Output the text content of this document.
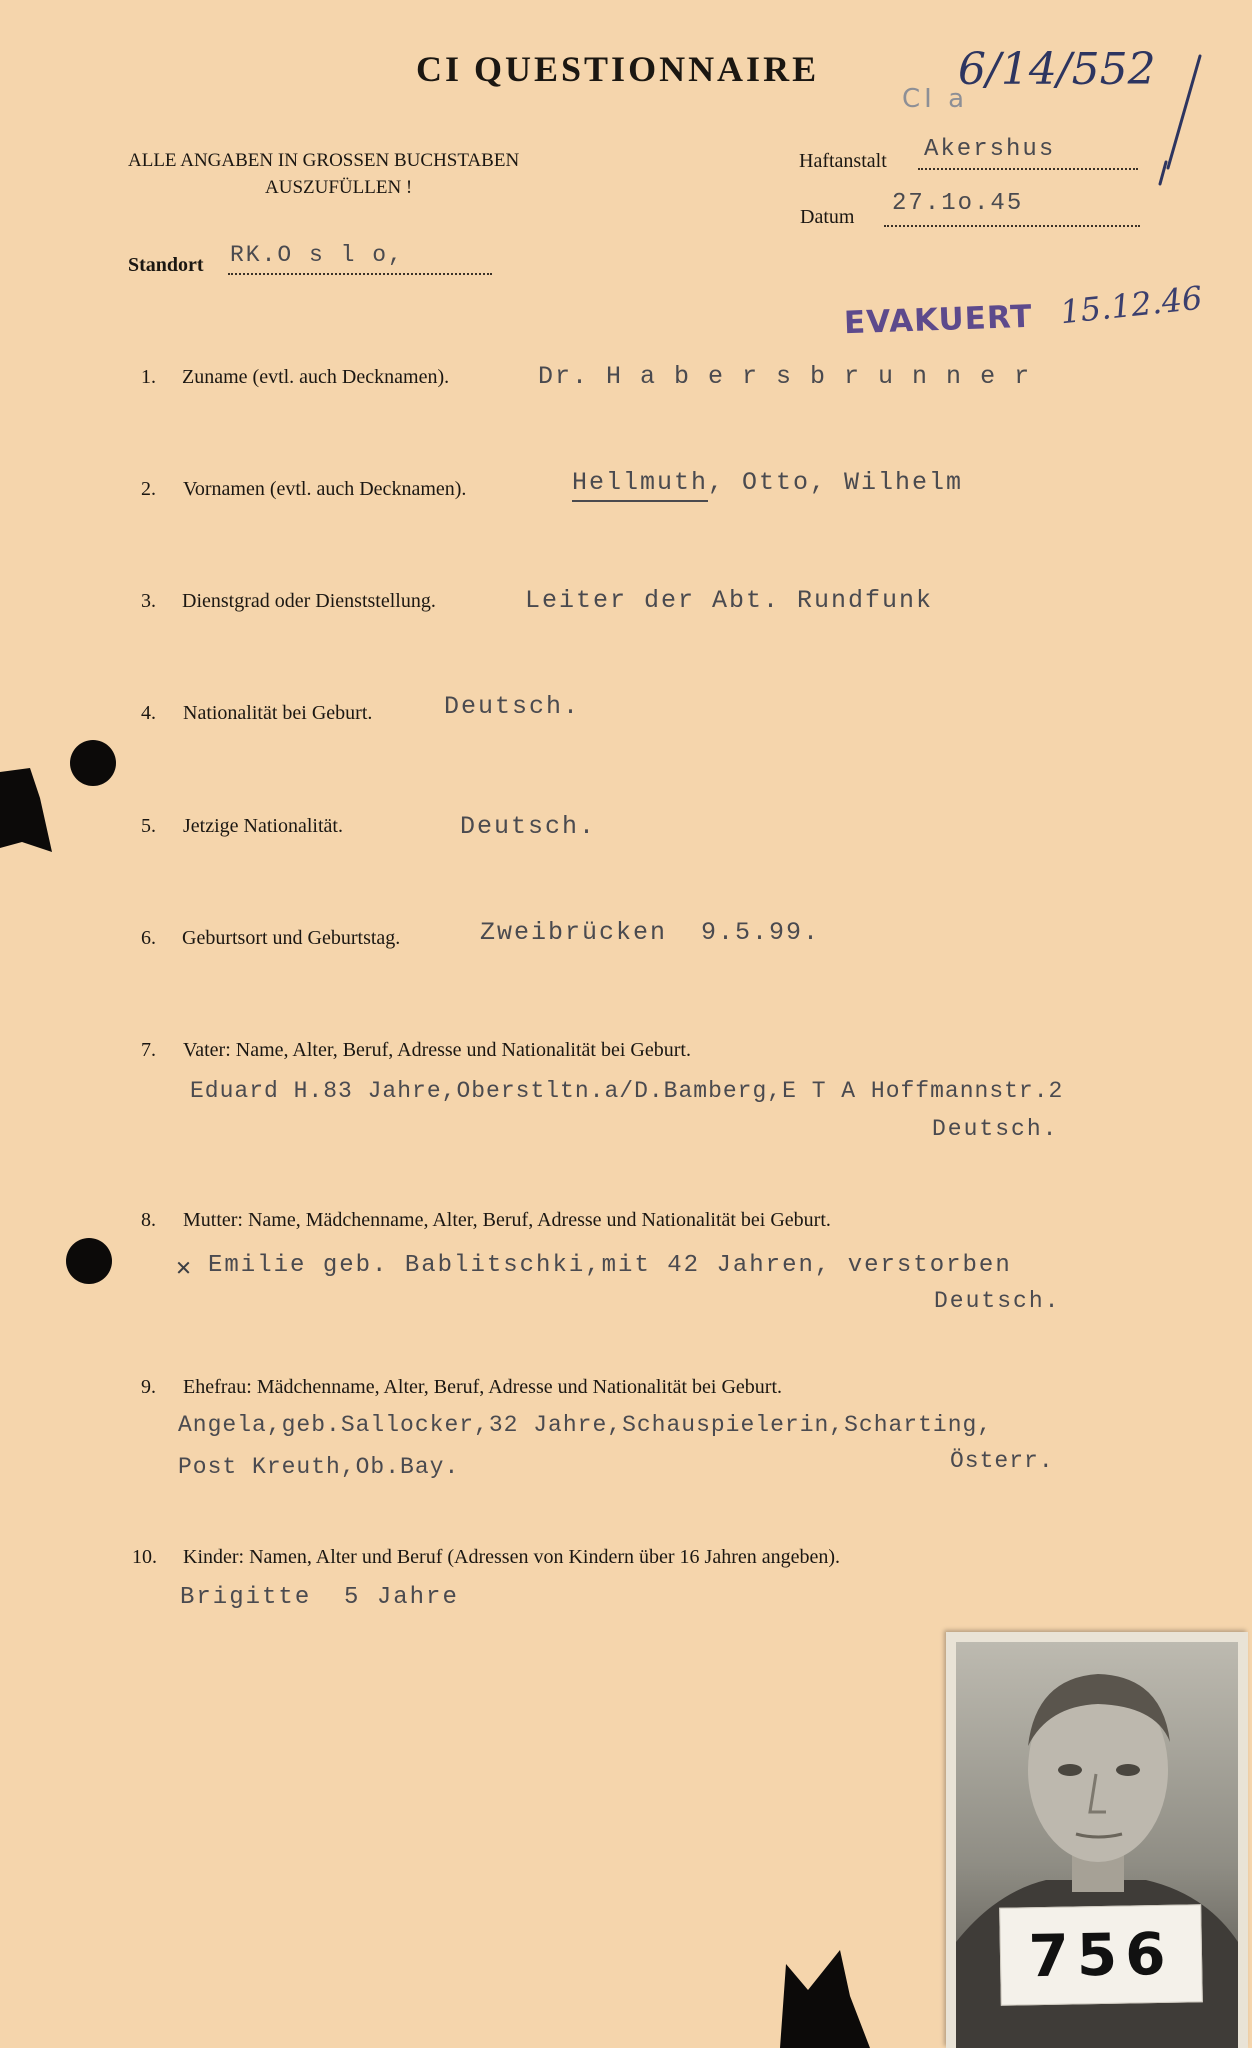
CI QUESTIONNAIRE
CI a
6/14/552
ALLE ANGABEN IN GROSSEN BUCHSTABEN
AUSZUFÜLLEN !
Haftanstalt Akershus
Datum 27.1o.45
Standort RK.O s l o,
EVAKUERT 15.12.46
1. Zuname (evtl. auch Decknamen).	Dr. H a b e r s b r u n n e r
2. Vornamen (evtl. auch Decknamen).	Hellmuth, Otto, Wilhelm
3. Dienstgrad oder Dienststellung.	Leiter der Abt. Rundfunk
4. Nationalität bei Geburt.	Deutsch.
5. Jetzige Nationalität.	Deutsch.
6. Geburtsort und Geburtstag.	Zweibrücken  9.5.99.
7. Vater: Name, Alter, Beruf, Adresse und Nationalität bei Geburt.
Eduard H.83 Jahre,Oberstltn.a/D.Bamberg,E T A Hoffmannstr.2
Deutsch.
8. Mutter: Name, Mädchenname, Alter, Beruf, Adresse und Nationalität bei Geburt.
✕ Emilie geb. Bablitschki,mit 42 Jahren, verstorben
Deutsch.
9. Ehefrau: Mädchenname, Alter, Beruf, Adresse und Nationalität bei Geburt.
Angela,geb.Sallocker,32 Jahre,Schauspielerin,Scharting,
Post Kreuth,Ob.Bay.	Österr.
10. Kinder: Namen, Alter und Beruf (Adressen von Kindern über 16 Jahren angeben).
Brigitte  5 Jahre
756
